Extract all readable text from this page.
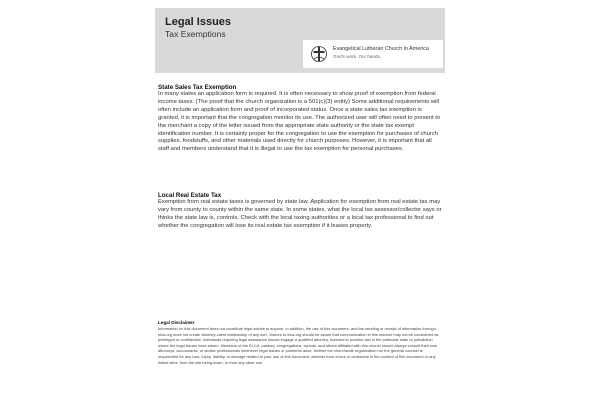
Legal Issues
Tax Exemptions
Evangelical Lutheran Church in America
God’s work. Our hands.

State Sales Tax Exemption

In many states an application form is required. It is often necessary to show proof of exemption from federal income taxes. (The proof that the church organization is a 501(c)(3) entity) Some additional requirements will often include an application form and proof of incorporated status. Once a state sales tax exemption is granted, it is important that the congregation monitor its use. The authorized user will often need to present to the merchant a copy of the letter issued from the appropriate state authority or the state tax exempt identification number. It is certainly proper for the congregation to use the exemption for purchases of church supplies, foodstuffs, and other materials used directly for church purposes. However, it is important that all staff and members understand that it is illegal to use the tax exemption for personal purchases.

Local Real Estate Tax

Exemption from real estate taxes is governed by state law. Application for exemption from real estate tax may vary from county to county within the same state. In some states, what the local tax assessor/collector says or thinks the state law is, controls. Check with the local taxing authorities or a local tax professional to find out whether the congregation will lose its real estate tax exemption if it leases property.

Legal Disclaimer

Information on this document does not constitute legal advice to anyone. In addition, the use of this document, and the sending or receipt of information through elca.org does not create attorney-client relationship of any sort. Visitors to elca.org should be aware that communication in this manner may not be considered as privileged or confidential. Individuals requiring legal assistance should engage a qualified attorney, licensed to practice law in the particular state or jurisdiction where the legal issues have arisen. Members of the ELCA, pastors, congregations, synods, and others affiliated with this church should always consult their own attorneys, accountants, or similar professionals whenever legal issues or problems arise. Neither the churchwide organization nor the general counsel is responsible for any loss, injury, liability, or damage related to your use of this document, whether from errors or omissions in the content of this document or any linked sites, from the site being down, or from any other use.
